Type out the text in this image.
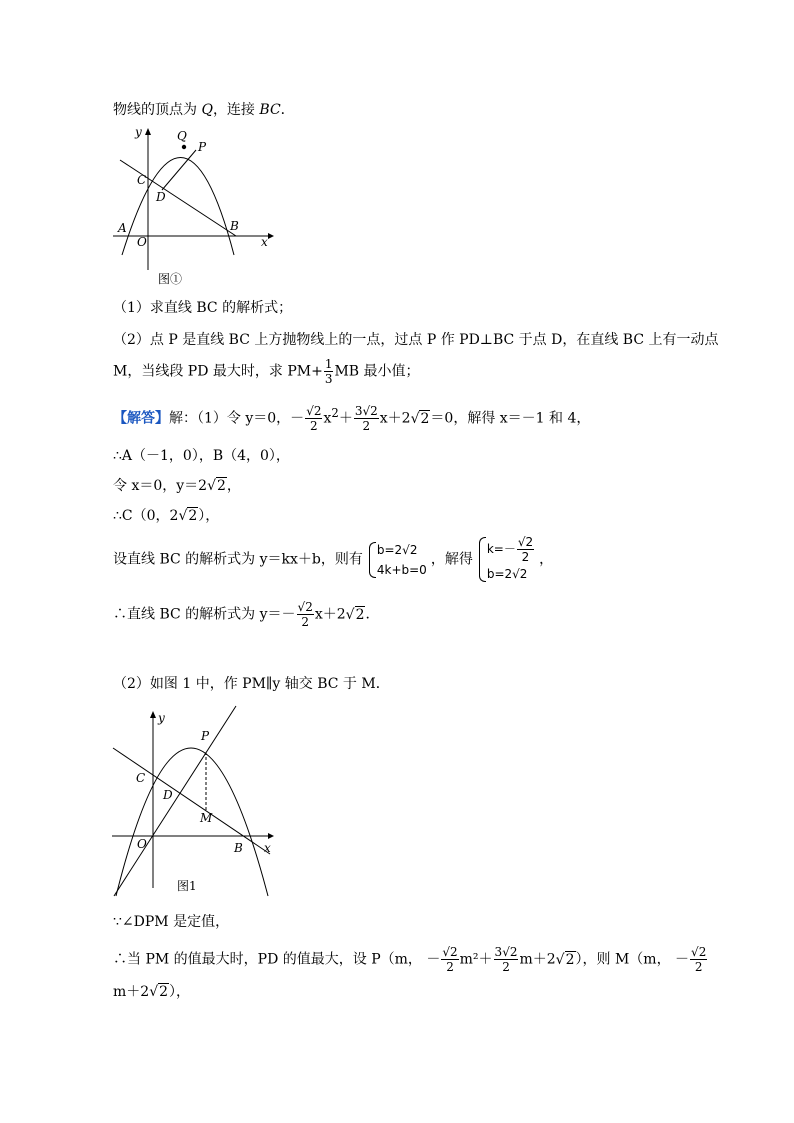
物线的顶点为 Q，连接 BC．
y
x
Q
P
C
D
A
O
B
图①
（1）求直线 BC 的解析式；
（2）点 P 是直线 BC 上方抛物线上的一点，过点 P 作 PD⊥BC 于点 D，在直线 BC 上有一动点
M，当线段 PD 最大时，求 $PM+ \frac{1}{3}$ MB 最小值；
【解答】解：（1）令 y＝0，－ $\frac{√2}{2} x^2+ \frac{3√2}{2} x+2√2=0$，解得 x＝－1 和 4，
∴A（－1，0），B（4，0），
令 x＝0，y＝2√2，
∴C（0，2√2），
设直线 BC 的解析式为 y＝kx＋b，则有
b=2√2
4k+b=0
，解得
$k=- \frac{√2}{2}$
b=2√2
，
∴直线 BC 的解析式为 $y=- \frac{√2}{2} x+2√2$．
（2）如图 1 中，作 PM∥y 轴交 BC 于 M．
y
x
P
C
D
M
O	B
图1
∵∠DPM 是定值，
∴当 PM 的值最大时，PD 的值最大，设 P（m， － $\frac{√2}{2} m^2+ \frac{3√2}{2} m+2√2$），则 M（m， － $\frac{√2}{2}$
m＋2√2），
